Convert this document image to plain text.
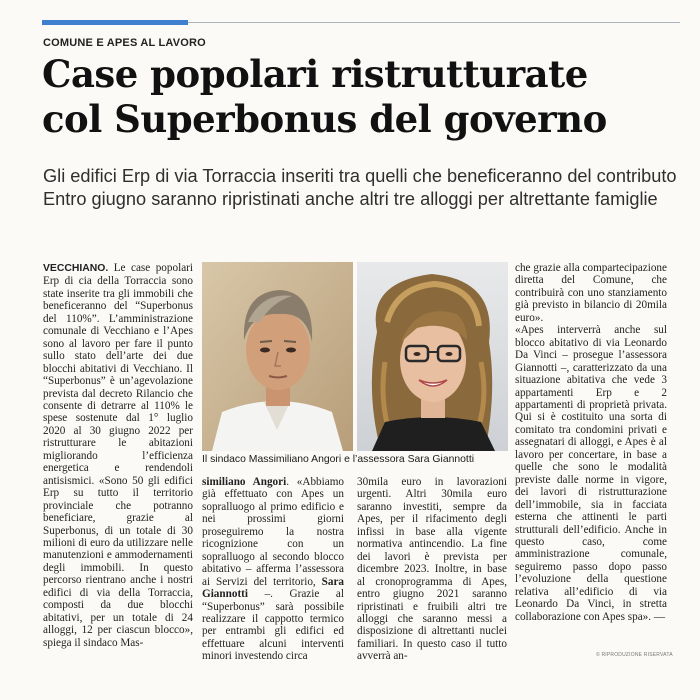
COMUNE E APES AL LAVORO
Case popolari ristrutturate
col Superbonus del governo
Gli edifici Erp di via Torraccia inseriti tra quelli che beneficeranno del contributo
Entro giugno saranno ripristinati anche altri tre alloggi per altrettante famiglie

VECCHIANO. Le case popolari Erp di cia della Torraccia sono state inserite tra gli immobili che beneficeranno del “Superbonus del 110%”. L’amministrazione comunale di Vecchiano e l’Apes sono al lavoro per fare il punto sullo stato dell’arte dei due blocchi abitativi di Vecchiano. Il “Superbonus” è un’agevolazione prevista dal decreto Rilancio che consente di detrarre al 110% le spese sostenute dal 1° luglio 2020 al 30 giugno 2022 per ristrutturare le abitazioni migliorando l’efficienza energetica e rendendoli antisismici. «Sono 50 gli edifici Erp su tutto il territorio provinciale che potranno beneficiare, grazie al Superbonus, di un totale di 30 milioni di euro da utilizzare nelle manutenzioni e ammodernamenti degli immobili. In questo percorso rientrano anche i nostri edifici di via della Torraccia, composti da due blocchi abitativi, per un totale di 24 alloggi, 12 per ciascun blocco», spiega il sindaco Mas-

Il sindaco Massimiliano Angori e l’assessora Sara Giannotti

similiano Angori. «Abbiamo già effettuato con Apes un sopralluogo al primo edificio e nei prossimi giorni proseguiremo la nostra ricognizione con un sopralluogo al secondo blocco abitativo – afferma l’assessora ai Servizi del territorio, Sara Giannotti –. Grazie al “Superbonus” sarà possibile realizzare il cappotto termico per entrambi gli edifici ed effettuare alcuni interventi minori investendo circa

30mila euro in lavorazioni urgenti. Altri 30mila euro saranno investiti, sempre da Apes, per il rifacimento degli infissi in base alla vigente normativa antincendio. La fine dei lavori è prevista per dicembre 2023. Inoltre, in base al cronoprogramma di Apes, entro giugno 2021 saranno ripristinati e fruibili altri tre alloggi che saranno messi a disposizione di altrettanti nuclei familiari. In questo caso il tutto avverrà an-

che grazie alla compartecipazione diretta del Comune, che contribuirà con uno stanziamento già previsto in bilancio di 20mila euro».

«Apes interverrà anche sul blocco abitativo di via Leonardo Da Vinci – prosegue l’assessora Giannotti –, caratterizzato da una situazione abitativa che vede 3 appartamenti Erp e 2 appartamenti di proprietà privata. Qui si è costituito una sorta di comitato tra condomini privati e assegnatari di alloggi, e Apes è al lavoro per concertare, in base a quelle che sono le modalità previste dalle norme in vigore, dei lavori di ristrutturazione dell’immobile, sia in facciata esterna che attinenti le parti strutturali dell’edificio. Anche in questo caso, come amministrazione comunale, seguiremo passo dopo passo l’evoluzione della questione relativa all’edificio di via Leonardo Da Vinci, in stretta collaborazione con Apes spa». —

© RIPRODUZIONE RISERVATA
